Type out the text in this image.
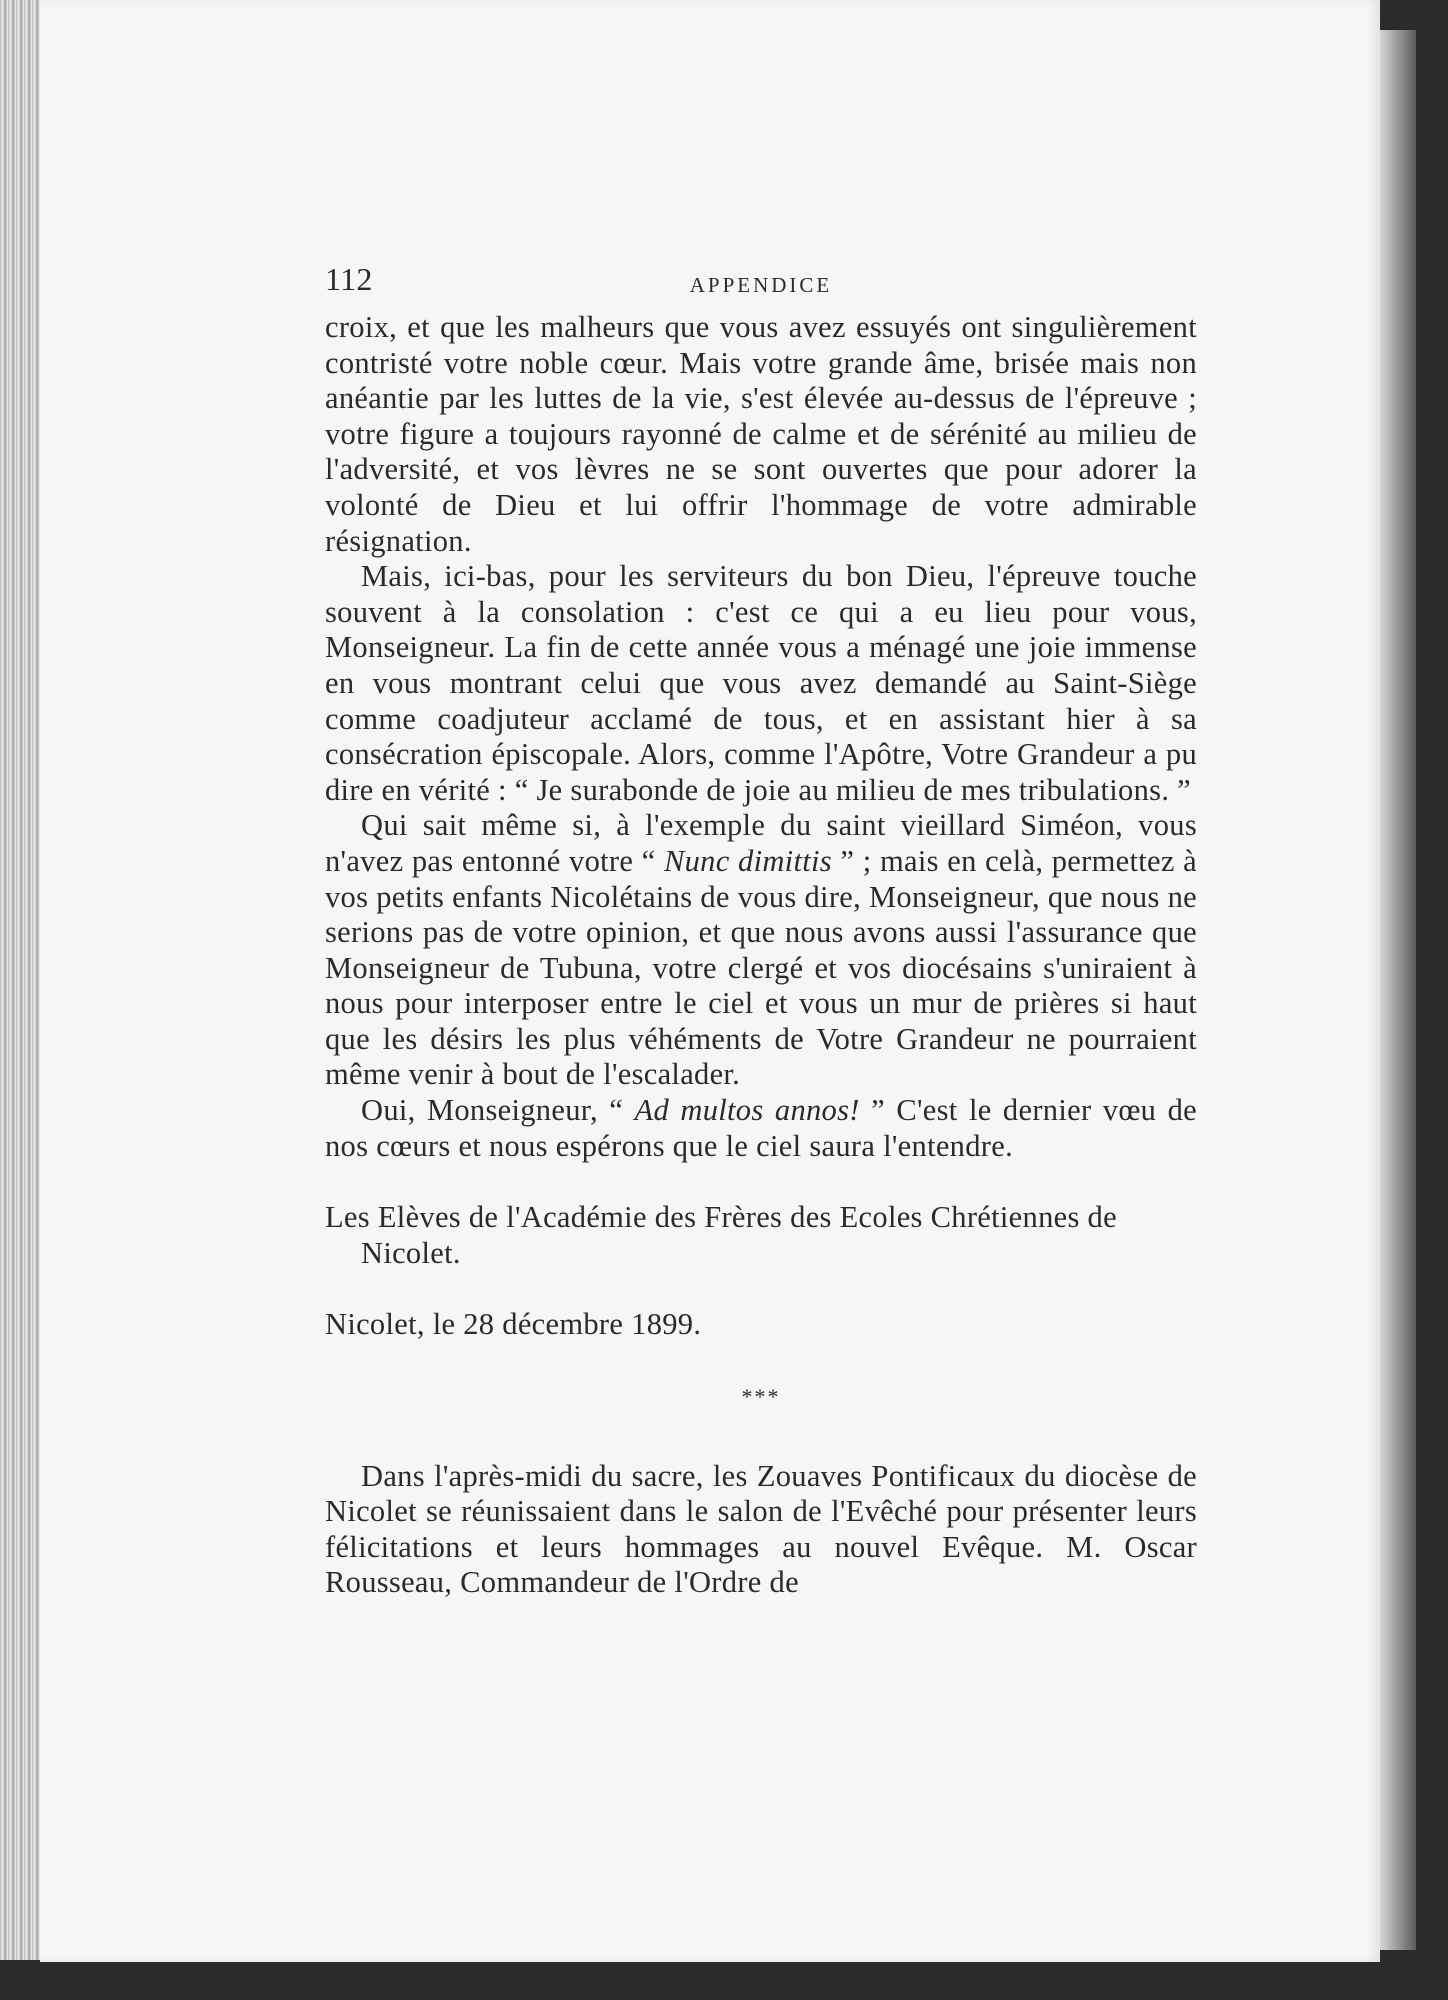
112	APPENDICE

croix, et que les malheurs que vous avez essuyés ont singulièrement contristé votre noble cœur. Mais votre grande âme, brisée mais non anéantie par les luttes de la vie, s'est élevée au-dessus de l'épreuve ; votre figure a toujours rayonné de calme et de sérénité au milieu de l'adversité, et vos lèvres ne se sont ouvertes que pour adorer la volonté de Dieu et lui offrir l'hommage de votre admirable résignation.

Mais, ici-bas, pour les serviteurs du bon Dieu, l'épreuve touche souvent à la consolation : c'est ce qui a eu lieu pour vous, Monseigneur. La fin de cette année vous a ménagé une joie immense en vous montrant celui que vous avez demandé au Saint-Siège comme coadjuteur acclamé de tous, et en assistant hier à sa consécration épiscopale. Alors, comme l'Apôtre, Votre Grandeur a pu dire en vérité : “ Je surabonde de joie au milieu de mes tribulations. ”

Qui sait même si, à l'exemple du saint vieillard Siméon, vous n'avez pas entonné votre “ Nunc dimittis ” ; mais en celà, permettez à vos petits enfants Nicolétains de vous dire, Monseigneur, que nous ne serions pas de votre opinion, et que nous avons aussi l'assurance que Monseigneur de Tubuna, votre clergé et vos diocésains s'uniraient à nous pour interposer entre le ciel et vous un mur de prières si haut que les désirs les plus véhéments de Votre Grandeur ne pourraient même venir à bout de l'escalader.

Oui, Monseigneur, “ Ad multos annos! ” C'est le dernier vœu de nos cœurs et nous espérons que le ciel saura l'entendre.

Les Elèves de l'Académie des Frères des Ecoles Chrétiennes de Nicolet.

Nicolet, le 28 décembre 1899.

***

Dans l'après-midi du sacre, les Zouaves Pontificaux du diocèse de Nicolet se réunissaient dans le salon de l'Evêché pour présenter leurs félicitations et leurs hommages au nouvel Evêque. M. Oscar Rousseau, Commandeur de l'Ordre de
